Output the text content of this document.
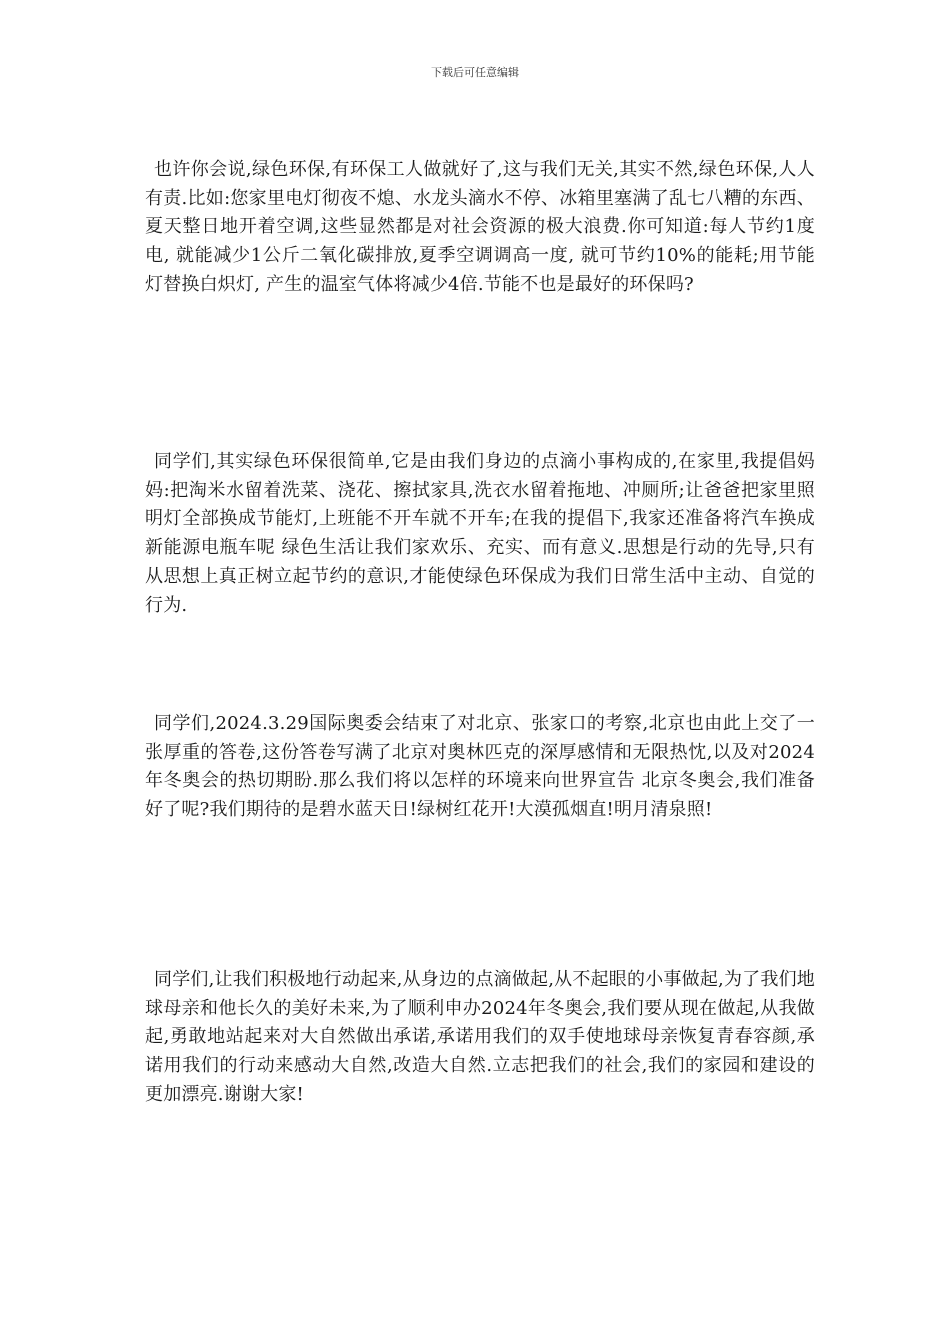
下载后可任意编辑

也许你会说,绿色环保,有环保工人做就好了,这与我们无关,其实不然,绿色环保,人人有责.比如:您家里电灯彻夜不熄、水龙头滴水不停、冰箱里塞满了乱七八糟的东西、夏天整日地开着空调,这些显然都是对社会资源的极大浪费.你可知道:每人节约1度电, 就能减少1公斤二氧化碳排放,夏季空调调高一度, 就可节约10%的能耗;用节能灯替换白炽灯, 产生的温室气体将减少4倍.节能不也是最好的环保吗?

同学们,其实绿色环保很简单,它是由我们身边的点滴小事构成的,在家里,我提倡妈妈:把淘米水留着洗菜、浇花、擦拭家具,洗衣水留着拖地、冲厕所;让爸爸把家里照明灯全部换成节能灯,上班能不开车就不开车;在我的提倡下,我家还准备将汽车换成新能源电瓶车呢 绿色生活让我们家欢乐、充实、而有意义.思想是行动的先导,只有从思想上真正树立起节约的意识,才能使绿色环保成为我们日常生活中主动、自觉的行为.

同学们,2024.3.29国际奥委会结束了对北京、张家口的考察,北京也由此上交了一张厚重的答卷,这份答卷写满了北京对奥林匹克的深厚感情和无限热忱,以及对2024年冬奥会的热切期盼.那么我们将以怎样的环境来向世界宣告 北京冬奥会,我们准备好了呢?我们期待的是碧水蓝天日!绿树红花开!大漠孤烟直!明月清泉照!

同学们,让我们积极地行动起来,从身边的点滴做起,从不起眼的小事做起,为了我们地球母亲和他长久的美好未来,为了顺利申办2024年冬奥会,我们要从现在做起,从我做起,勇敢地站起来对大自然做出承诺,承诺用我们的双手使地球母亲恢复青春容颜,承诺用我们的行动来感动大自然,改造大自然.立志把我们的社会,我们的家园和建设的更加漂亮.谢谢大家!
